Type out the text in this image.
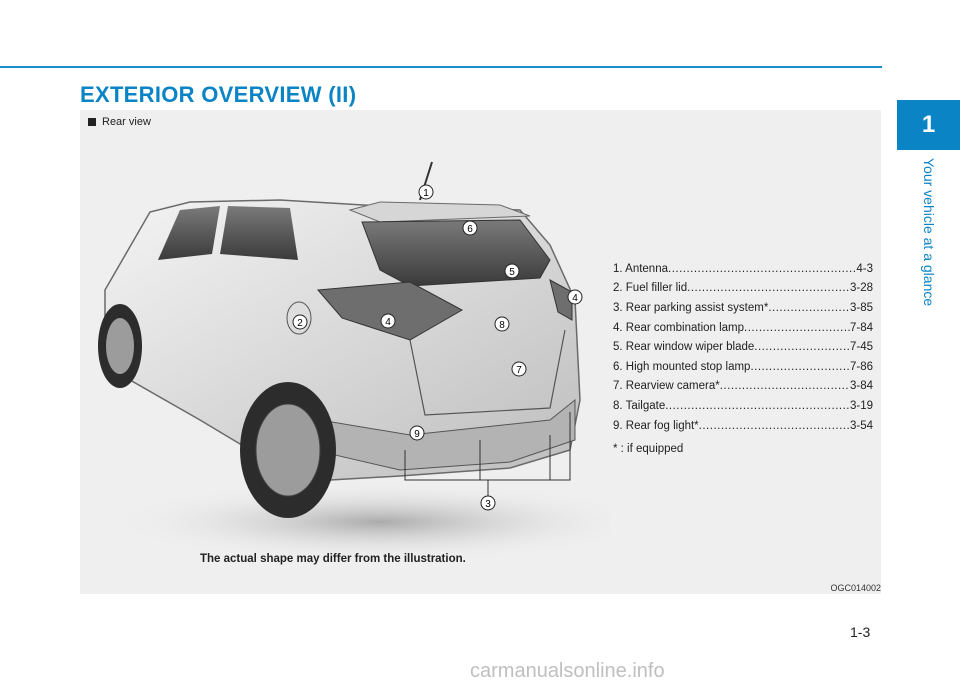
EXTERIOR OVERVIEW (II)
1
Your vehicle at a glance
Rear view
1
2
3
4
4
5
6
7
8
9
1. Antenna .....	4-3
2. Fuel filler lid .....	3-28
3. Rear parking assist system* .....	3-85
4. Rear combination lamp .....	7-84
5. Rear window wiper blade .....	7-45
6. High mounted stop lamp .....	7-86
7. Rearview camera* .....	3-84
8. Tailgate .....	3-19
9. Rear fog light* .....	3-54
* : if equipped
The actual shape may differ from the illustration.
OGC014002
1-3
carmanualsonline.info
